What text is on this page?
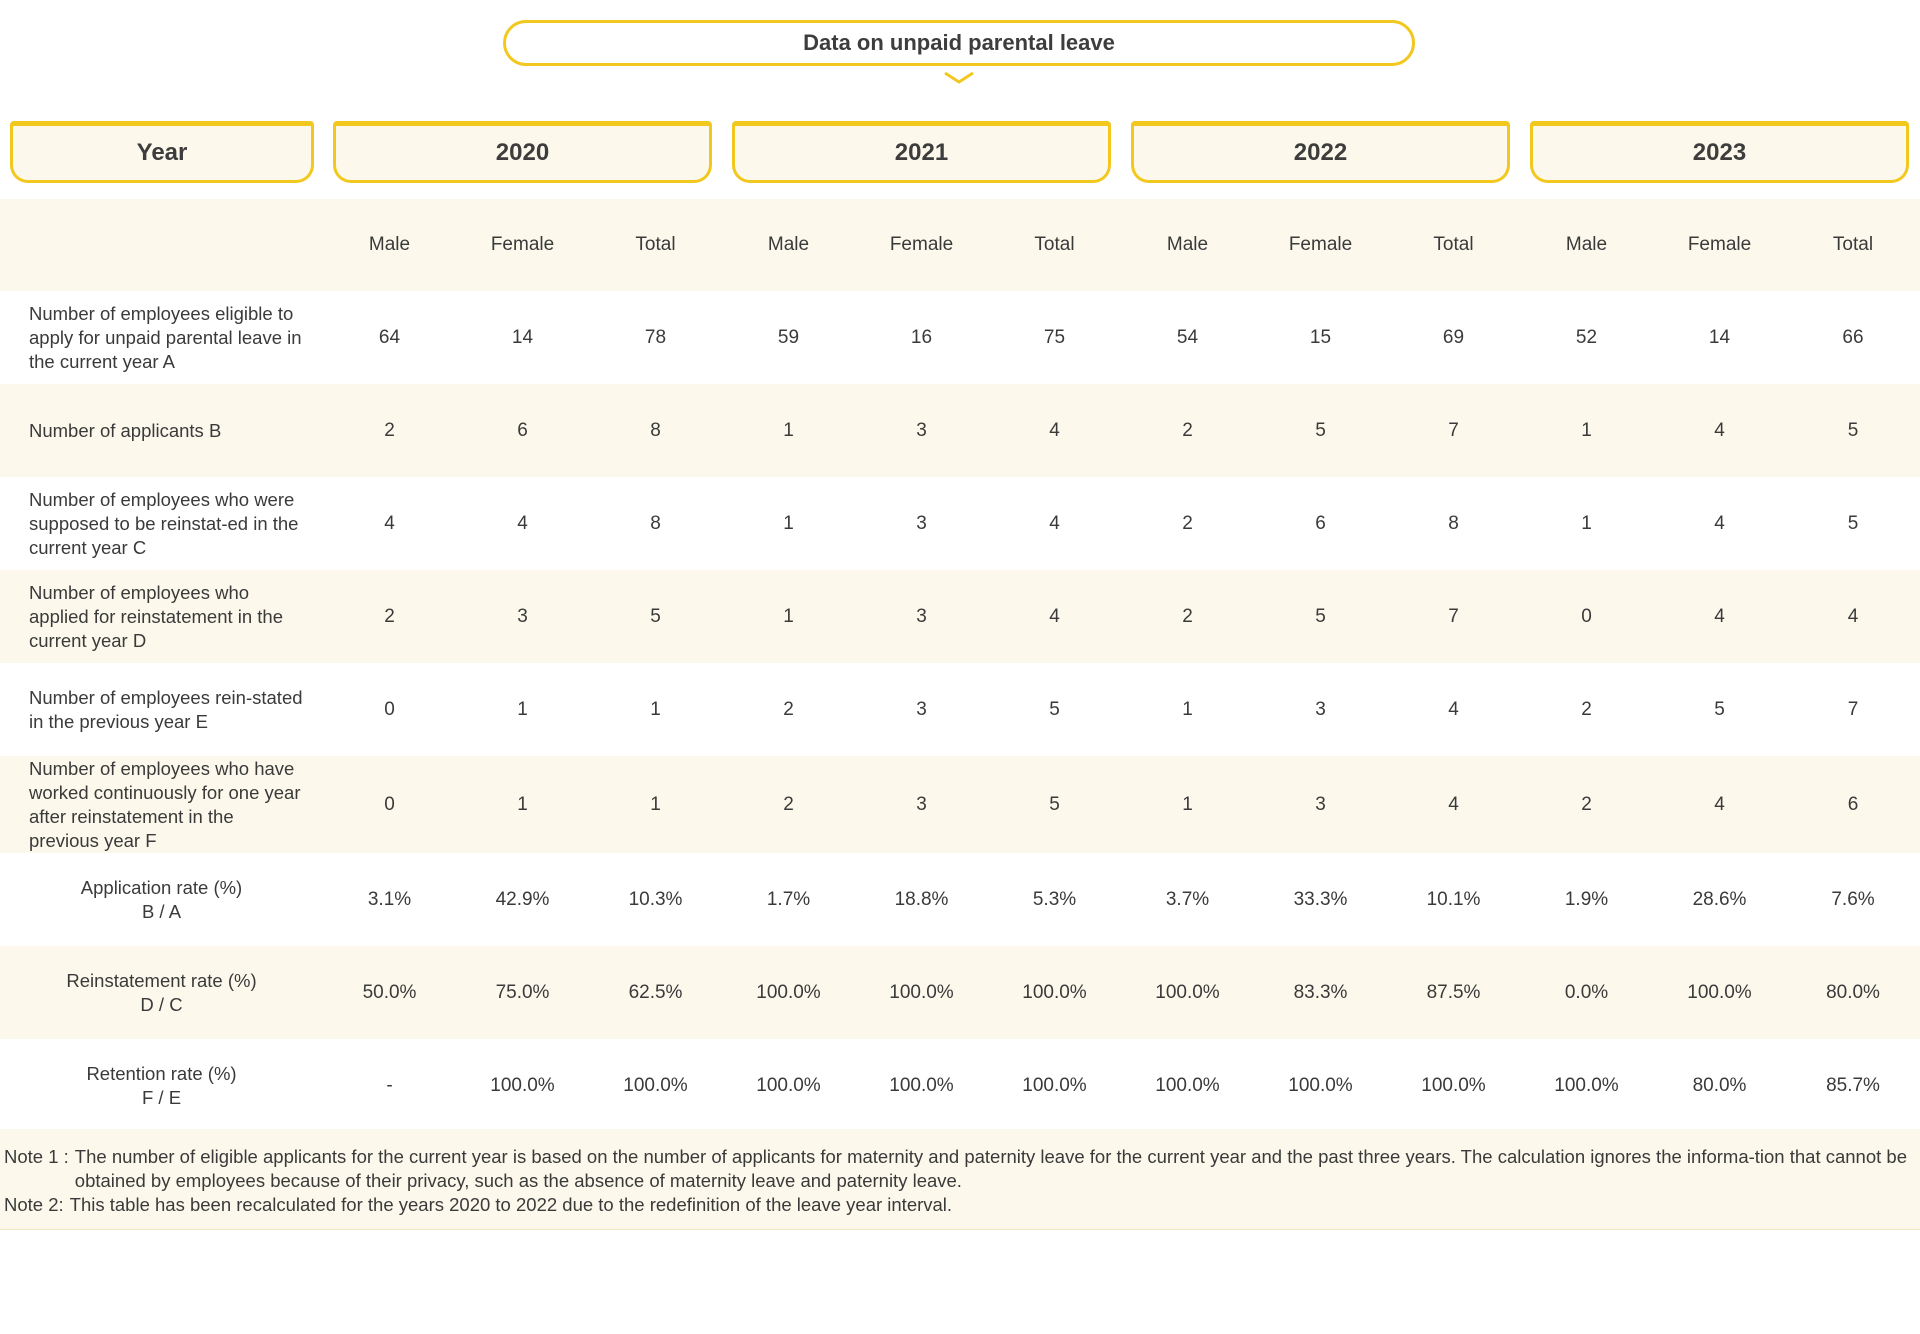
Data on unpaid parental leave
Year	2020	2021	2022	2023
	Male	Female	Total	Male	Female	Total	Male	Female	Total	Male	Female	Total

Number of employees eligible to apply for unpaid parental leave in the current year A	64	14	78	59	16	75	54	15	69	52	14	66

Number of applicants B	2	6	8	1	3	4	2	5	7	1	4	5

Number of employees who were supposed to be reinstat-ed in the current year C	4	4	8	1	3	4	2	6	8	1	4	5

Number of employees who applied for reinstatement in the current year D	2	3	5	1	3	4	2	5	7	0	4	4

Number of employees rein-stated in the previous year E	0	1	1	2	3	5	1	3	4	2	5	7

Number of employees who have worked continuously for one year after reinstatement in the previous year F	0	1	1	2	3	5	1	3	4	2	4	6

Application rate (%)
B / A	3.1%	42.9%	10.3%	1.7%	18.8%	5.3%	3.7%	33.3%	10.1%	1.9%	28.6%	7.6%

Reinstatement rate (%)
D / C	50.0%	75.0%	62.5%	100.0%	100.0%	100.0%	100.0%	83.3%	87.5%	0.0%	100.0%	80.0%

Retention rate (%)
F / E	-	100.0%	100.0%	100.0%	100.0%	100.0%	100.0%	100.0%	100.0%	100.0%	80.0%	85.7%
Note 1 : The number of eligible applicants for the current year is based on the number of applicants for maternity and paternity leave for the current year and the past three years. The calculation ignores the informa-tion that cannot be obtained by employees because of their privacy, such as the absence of maternity leave and paternity leave.
Note 2: This table has been recalculated for the years 2020 to 2022 due to the redefinition of the leave year interval.
